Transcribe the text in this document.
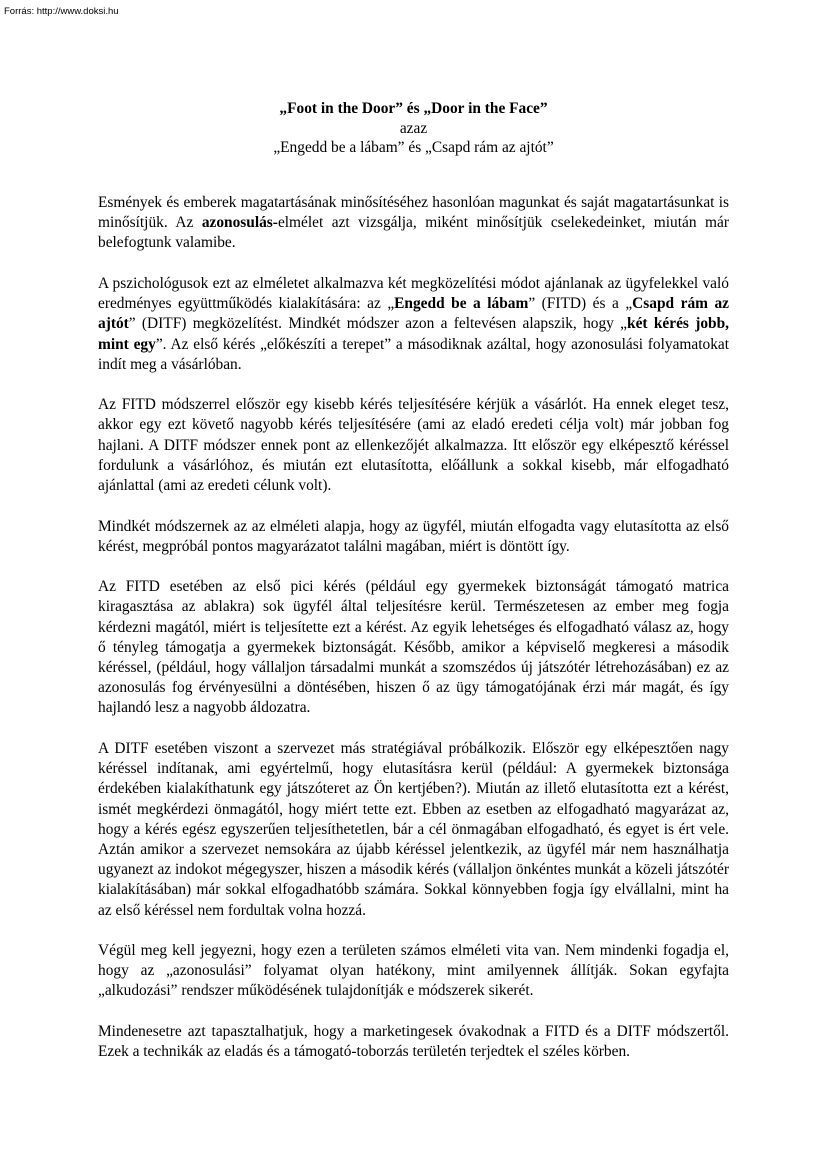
Forrás: http://www.doksi.hu
„Foot in the Door” és „Door in the Face”
azaz
„Engedd be a lábam” és „Csapd rám az ajtót”

Esmények és emberek magatartásának minősítéséhez hasonlóan magunkat és saját magatartásunkat is minősítjük. Az azonosulás-elmélet azt vizsgálja, miként minősítjük cselekedeinket, miután már belefogtunk valamibe.

A pszichológusok ezt az elméletet alkalmazva két megközelítési módot ajánlanak az ügyfelekkel való eredményes együttműködés kialakítására: az „Engedd be a lábam” (FITD) és a „Csapd rám az ajtót” (DITF) megközelítést. Mindkét módszer azon a feltevésen alapszik, hogy „két kérés jobb, mint egy”. Az első kérés „előkészíti a terepet” a másodiknak azáltal, hogy azonosulási folyamatokat indít meg a vásárlóban.

Az FITD módszerrel először egy kisebb kérés teljesítésére kérjük a vásárlót. Ha ennek eleget tesz, akkor egy ezt követő nagyobb kérés teljesítésére (ami az eladó eredeti célja volt) már jobban fog hajlani. A DITF módszer ennek pont az ellenkezőjét alkalmazza. Itt először egy elképesztő kéréssel fordulunk a vásárlóhoz, és miután ezt elutasította, előállunk a sokkal kisebb, már elfogadható ajánlattal (ami az eredeti célunk volt).

Mindkét módszernek az az elméleti alapja, hogy az ügyfél, miután elfogadta vagy elutasította az első kérést, megpróbál pontos magyarázatot találni magában, miért is döntött így.

Az FITD esetében az első pici kérés (például egy gyermekek biztonságát támogató matrica kiragasztása az ablakra) sok ügyfél által teljesítésre kerül. Természetesen az ember meg fogja kérdezni magától, miért is teljesítette ezt a kérést. Az egyik lehetséges és elfogadható válasz az, hogy ő tényleg támogatja a gyermekek biztonságát. Később, amikor a képviselő megkeresi a második kéréssel, (például, hogy vállaljon társadalmi munkát a szomszédos új játszótér létrehozásában) ez az azonosulás fog érvényesülni a döntésében, hiszen ő az ügy támogatójának érzi már magát, és így hajlandó lesz a nagyobb áldozatra.

A DITF esetében viszont a szervezet más stratégiával próbálkozik. Először egy elképesztően nagy kéréssel indítanak, ami egyértelmű, hogy elutasításra kerül (például: A gyermekek biztonsága érdekében kialakíthatunk egy játszóteret az Ön kertjében?). Miután az illető elutasította ezt a kérést, ismét megkérdezi önmagától, hogy miért tette ezt. Ebben az esetben az elfogadható magyarázat az, hogy a kérés egész egyszerűen teljesíthetetlen, bár a cél önmagában elfogadható, és egyet is ért vele. Aztán amikor a szervezet nemsokára az újabb kéréssel jelentkezik, az ügyfél már nem használhatja ugyanezt az indokot mégegyszer, hiszen a második kérés (vállaljon önkéntes munkát a közeli játszótér kialakításában) már sokkal elfogadhatóbb számára. Sokkal könnyebben fogja így elvállalni, mint ha az első kéréssel nem fordultak volna hozzá.

Végül meg kell jegyezni, hogy ezen a területen számos elméleti vita van. Nem mindenki fogadja el, hogy az „azonosulási” folyamat olyan hatékony, mint amilyennek állítják. Sokan egyfajta „alkudozási” rendszer működésének tulajdonítják e módszerek sikerét.

Mindenesetre azt tapasztalhatjuk, hogy a marketingesek óvakodnak a FITD és a DITF módszertől. Ezek a technikák az eladás és a támogató-toborzás területén terjedtek el széles körben.
